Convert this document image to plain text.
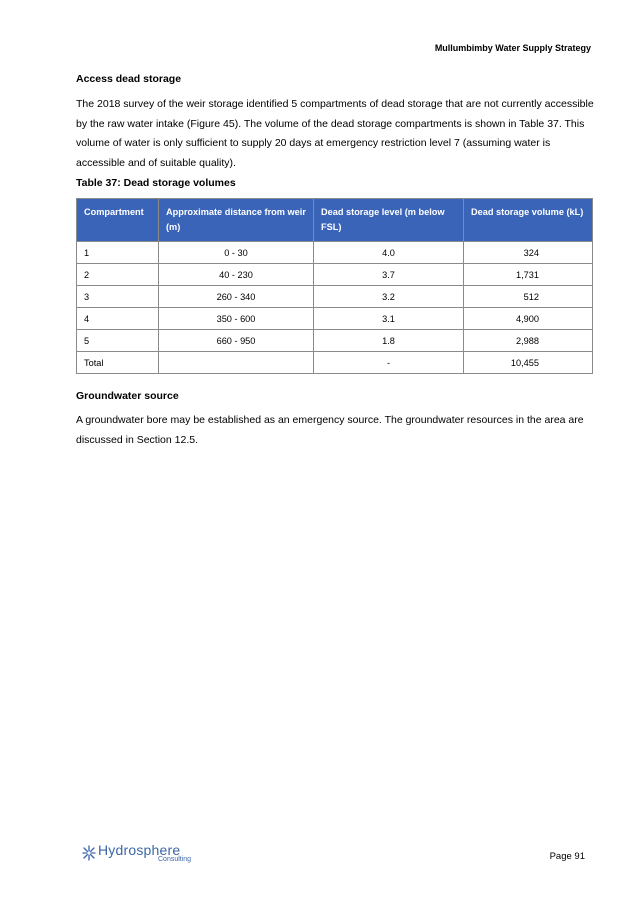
Mullumbimby Water Supply Strategy
Access dead storage

The 2018 survey of the weir storage identified 5 compartments of dead storage that are not currently accessible by the raw water intake (Figure 45). The volume of the dead storage compartments is shown in Table 37. This volume of water is only sufficient to supply 20 days at emergency restriction level 7 (assuming water is accessible and of suitable quality).

Table 37: Dead storage volumes
Compartment	Approximate distance from weir (m)	Dead storage level (m below FSL)	Dead storage volume (kL)
1	0 - 30	4.0	324
2	40 - 230	3.7	1,731
3	260 - 340	3.2	512
4	350 - 600	3.1	4,900
5	660 - 950	1.8	2,988
Total		-	10,455
Groundwater source

A groundwater bore may be established as an emergency source. The groundwater resources in the area are discussed in Section 12.5.

Hydrosphere
Consulting	Page 91
